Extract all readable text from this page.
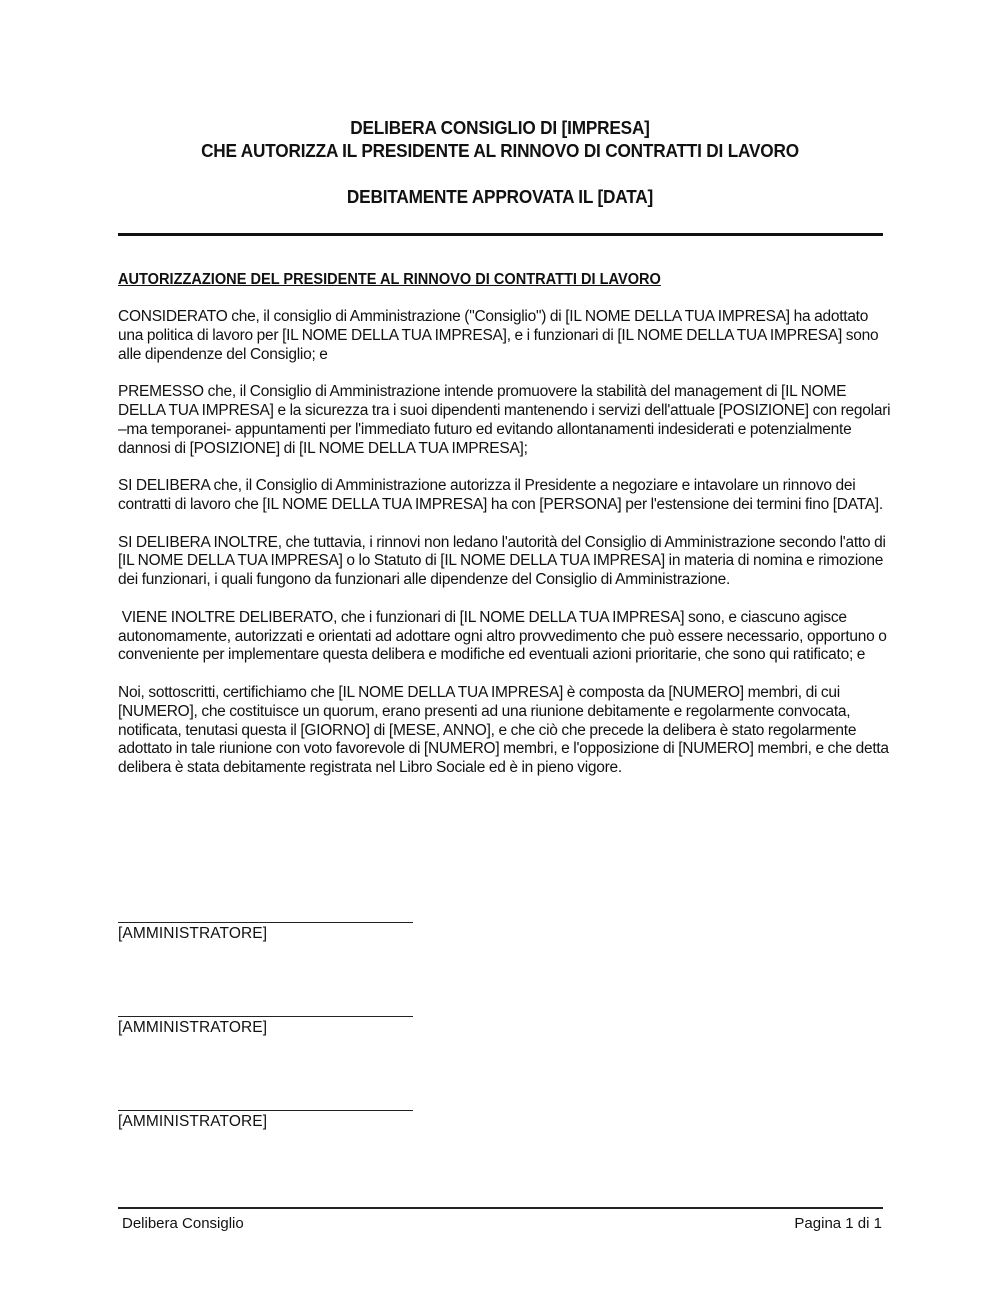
DELIBERA CONSIGLIO DI [IMPRESA]
CHE AUTORIZZA IL PRESIDENTE AL RINNOVO DI CONTRATTI DI LAVORO
DEBITAMENTE APPROVATA IL [DATA]
AUTORIZZAZIONE DEL PRESIDENTE AL RINNOVO DI CONTRATTI DI LAVORO

CONSIDERATO che, il consiglio di Amministrazione ("Consiglio") di [IL NOME DELLA TUA IMPRESA] ha adottato una politica di lavoro per [IL NOME DELLA TUA IMPRESA], e i funzionari di [IL NOME DELLA TUA IMPRESA] sono alle dipendenze del Consiglio; e

PREMESSO che, il Consiglio di Amministrazione intende promuovere la stabilità del management di [IL NOME DELLA TUA IMPRESA] e la sicurezza tra i suoi dipendenti mantenendo i servizi dell'attuale [POSIZIONE] con regolari –ma temporanei- appuntamenti per l'immediato futuro ed evitando allontanamenti indesiderati e potenzialmente dannosi di [POSIZIONE] di [IL NOME DELLA TUA IMPRESA];

SI DELIBERA che, il Consiglio di Amministrazione autorizza il Presidente a negoziare e intavolare un rinnovo dei contratti di lavoro che [IL NOME DELLA TUA IMPRESA] ha con [PERSONA] per l'estensione dei termini fino [DATA].

SI DELIBERA INOLTRE, che tuttavia, i rinnovi non ledano l'autorità del Consiglio di Amministrazione secondo l'atto di [IL NOME DELLA TUA IMPRESA] o lo Statuto di [IL NOME DELLA TUA IMPRESA] in materia di nomina e rimozione dei funzionari, i quali fungono da funzionari alle dipendenze del Consiglio di Amministrazione.

VIENE INOLTRE DELIBERATO, che i funzionari di [IL NOME DELLA TUA IMPRESA] sono, e ciascuno agisce autonomamente, autorizzati e orientati ad adottare ogni altro provvedimento che può essere necessario, opportuno o conveniente per implementare questa delibera e modifiche ed eventuali azioni prioritarie, che sono qui ratificato; e

Noi, sottoscritti, certifichiamo che [IL NOME DELLA TUA IMPRESA] è composta da [NUMERO] membri, di cui [NUMERO], che costituisce un quorum, erano presenti ad una riunione debitamente e regolarmente convocata, notificata, tenutasi questa il [GIORNO] di [MESE, ANNO], e che ciò che precede la delibera è stato regolarmente adottato in tale riunione con voto favorevole di [NUMERO] membri, e l'opposizione di [NUMERO] membri, e che detta delibera è stata debitamente registrata nel Libro Sociale ed è in pieno vigore.

[AMMINISTRATORE]
[AMMINISTRATORE]
[AMMINISTRATORE]
Delibera Consiglio	Pagina 1 di 1
